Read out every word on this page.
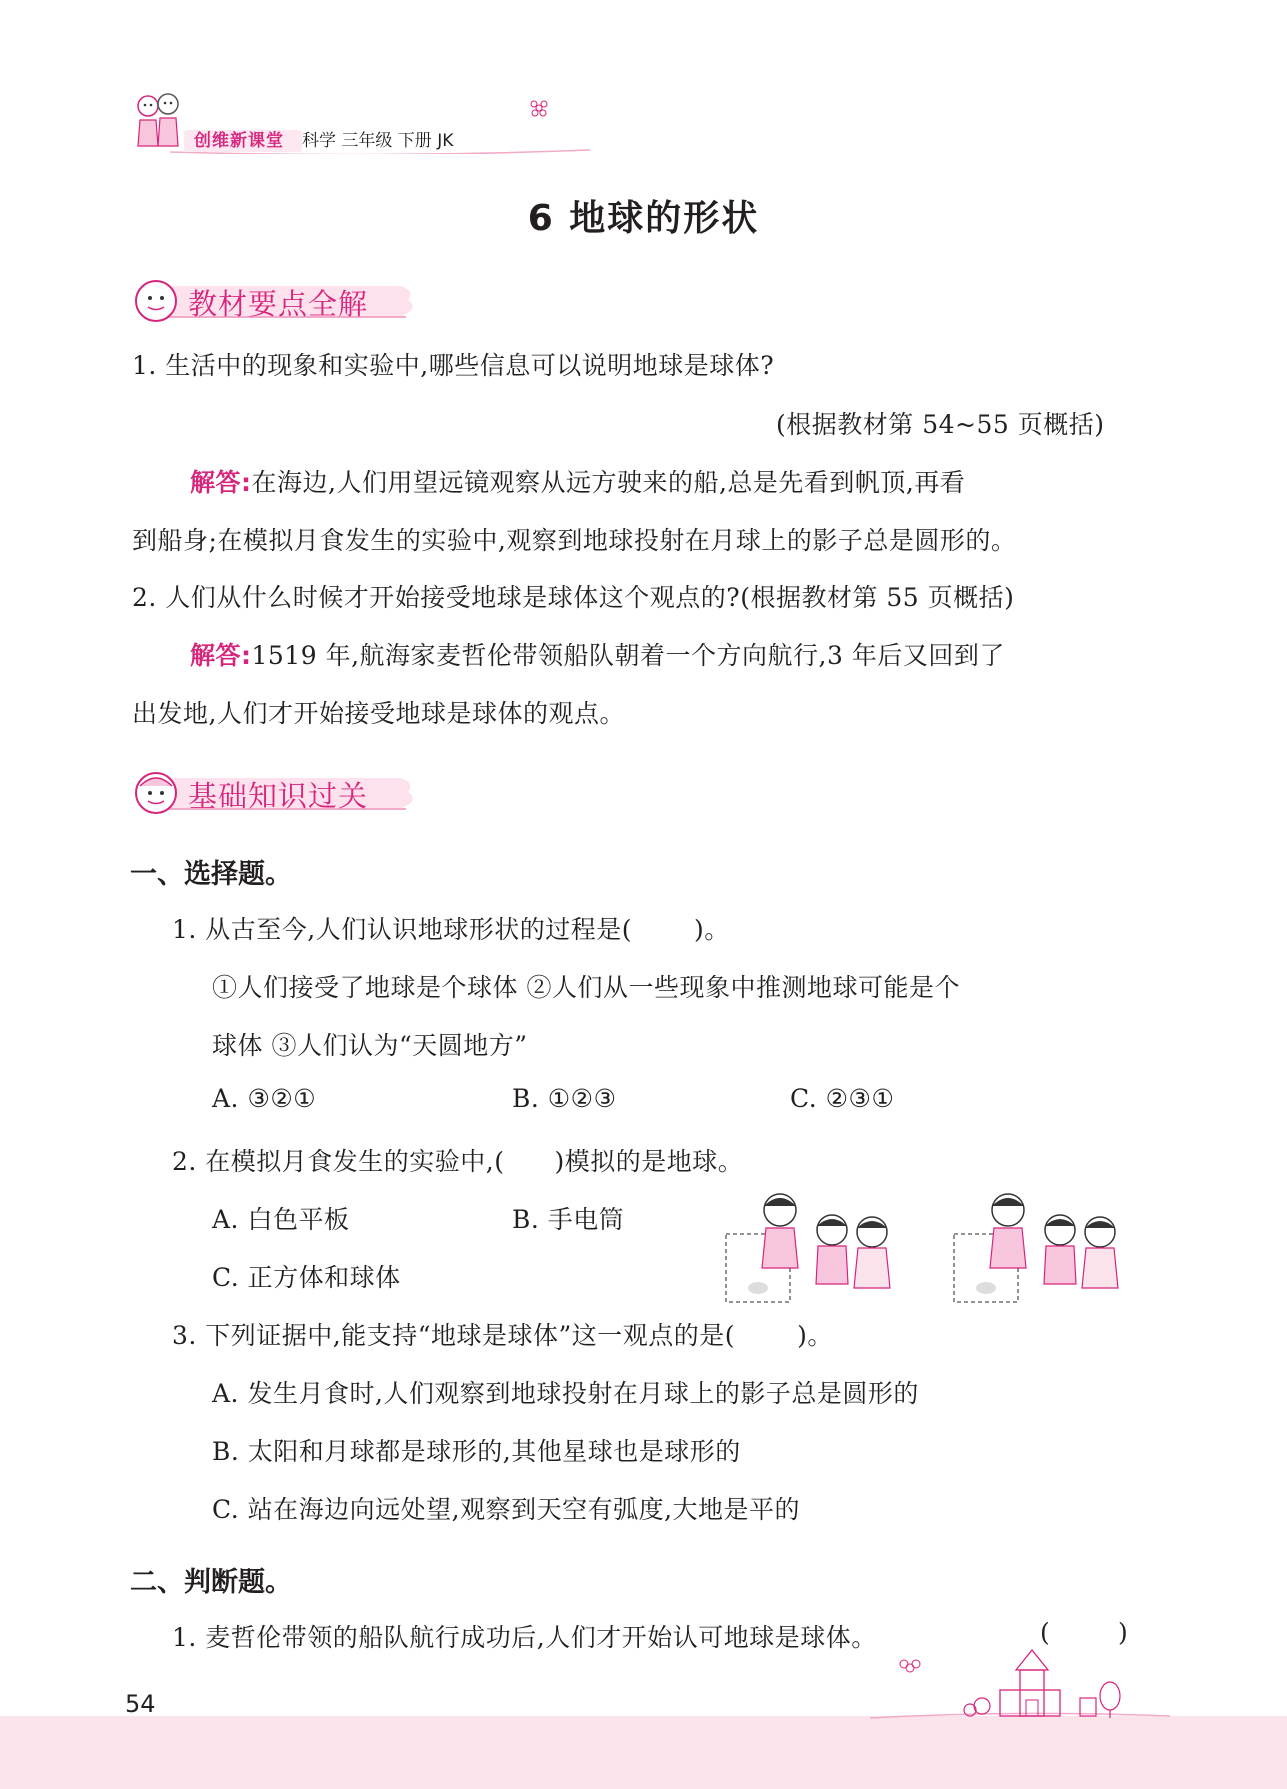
创维新课堂 科学 三年级 下册 JK
6 地球的形状
教材要点全解
1. 生活中的现象和实验中,哪些信息可以说明地球是球体?
(根据教材第 54~55 页概括)
解答:在海边,人们用望远镜观察从远方驶来的船,总是先看到帆顶,再看
到船身;在模拟月食发生的实验中,观察到地球投射在月球上的影子总是圆形的。
2. 人们从什么时候才开始接受地球是球体这个观点的?(根据教材第 55 页概括)
解答:1519 年,航海家麦哲伦带领船队朝着一个方向航行,3 年后又回到了
出发地,人们才开始接受地球是球体的观点。
基础知识过关
一、选择题。
1. 从古至今,人们认识地球形状的过程是( )。
①人们接受了地球是个球体 ②人们从一些现象中推测地球可能是个
球体 ③人们认为“天圆地方”
A. ③②①	B. ①②③	C. ②③①
2. 在模拟月食发生的实验中,( )模拟的是地球。
A. 白色平板	B. 手电筒
C. 正方体和球体
3. 下列证据中,能支持“地球是球体”这一观点的是( )。
A. 发生月食时,人们观察到地球投射在月球上的影子总是圆形的
B. 太阳和月球都是球形的,其他星球也是球形的
C. 站在海边向远处望,观察到天空有弧度,大地是平的
二、判断题。
1. 麦哲伦带领的船队航行成功后,人们才开始认可地球是球体。	(	)
54
